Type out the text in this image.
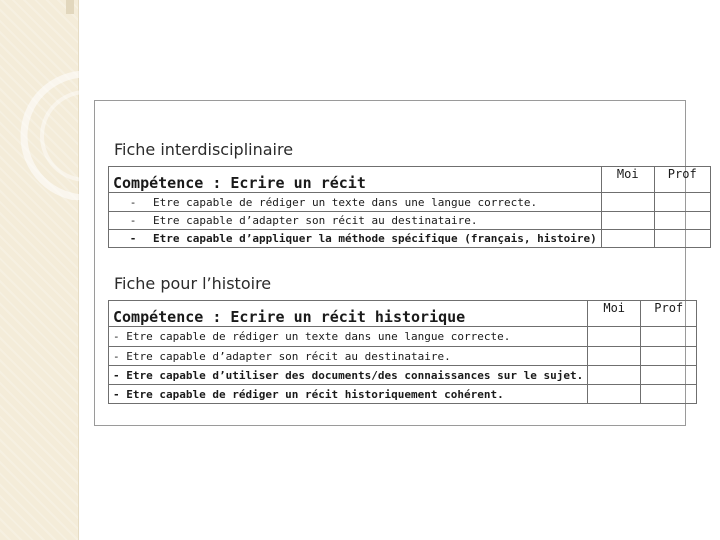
Fiche interdisciplinaire
Compétence : Ecrire un récit	Moi	Prof
- Etre capable de rédiger un texte dans une langue correcte.		
- Etre capable d’adapter son récit au destinataire.		
- Etre capable d’appliquer la méthode spécifique (français, histoire)		
Fiche pour l’histoire
Compétence : Ecrire un récit historique	Moi	Prof
- Etre capable de rédiger un texte dans une langue correcte.		
- Etre capable d’adapter son récit au destinataire.		
- Etre capable d’utiliser des documents/des connaissances sur le sujet.		
- Etre capable de rédiger un récit historiquement cohérent.		
